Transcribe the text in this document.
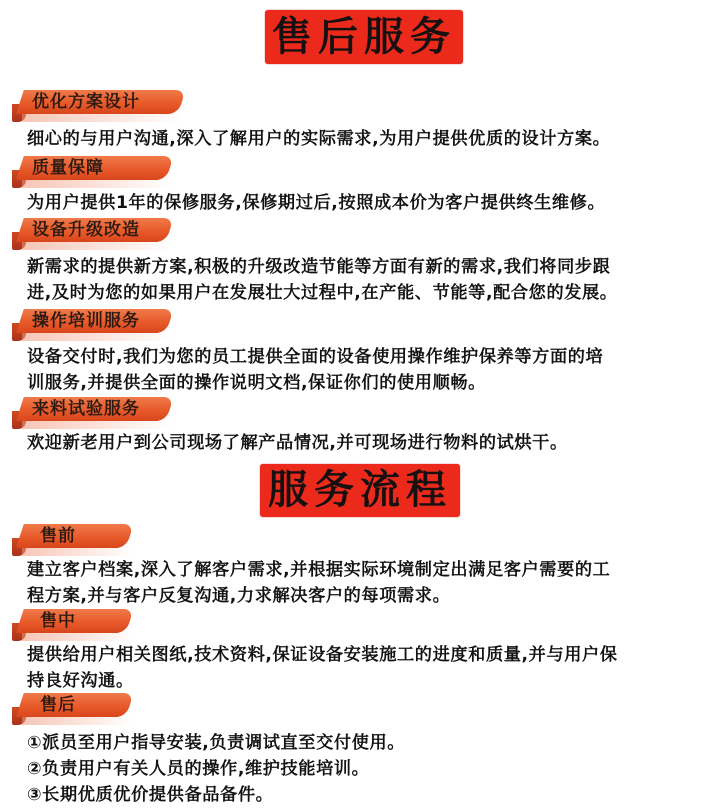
售后服务
优化方案设计
细心的与用户沟通,深入了解用户的实际需求,为用户提供优质的设计方案。
质量保障
为用户提供1年的保修服务,保修期过后,按照成本价为客户提供终生维修。
设备升级改造
新需求的提供新方案,积极的升级改造节能等方面有新的需求,我们将同步跟
进,及时为您的如果用户在发展壮大过程中,在产能、节能等,配合您的发展。
操作培训服务
设备交付时,我们为您的员工提供全面的设备使用操作维护保养等方面的培
训服务,并提供全面的操作说明文档,保证你们的使用顺畅。
来料试验服务
欢迎新老用户到公司现场了解产品情况,并可现场进行物料的试烘干。
服务流程
售前
建立客户档案,深入了解客户需求,并根据实际环境制定出满足客户需要的工
程方案,并与客户反复沟通,力求解决客户的每项需求。
售中
提供给用户相关图纸,技术资料,保证设备安装施工的进度和质量,并与用户保
持良好沟通。
售后
①派员至用户指导安装,负责调试直至交付使用。
②负责用户有关人员的操作,维护技能培训。
③长期优质优价提供备品备件。
